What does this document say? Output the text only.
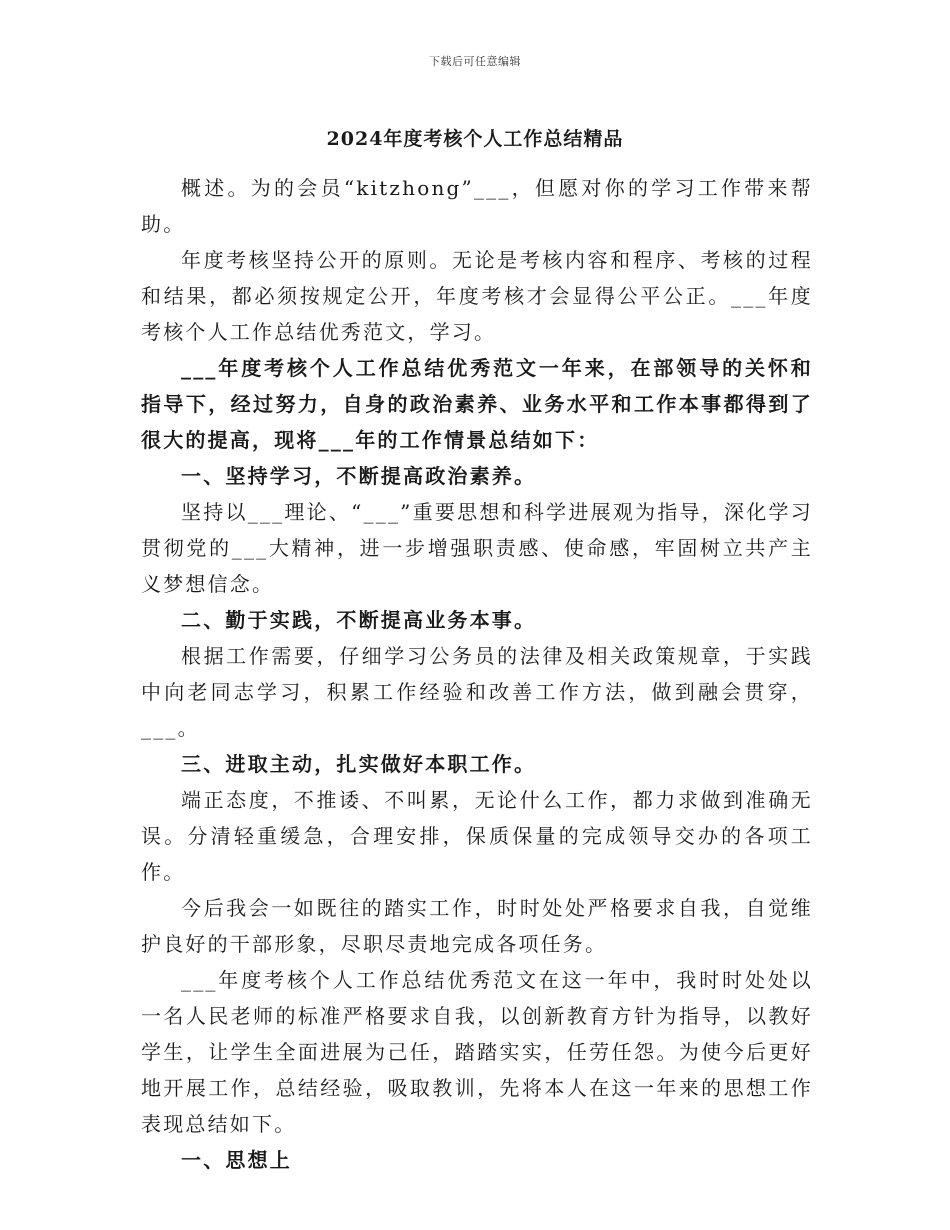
下载后可任意编辑
2024年度考核个人工作总结精品

概述。为的会员“kitzhong”___，但愿对你的学习工作带来帮助。

年度考核坚持公开的原则。无论是考核内容和程序、考核的过程和结果，都必须按规定公开，年度考核才会显得公平公正。___年度考核个人工作总结优秀范文，学习。

___年度考核个人工作总结优秀范文一年来，在部领导的关怀和指导下，经过努力，自身的政治素养、业务水平和工作本事都得到了很大的提高，现将___年的工作情景总结如下：

一、坚持学习，不断提高政治素养。

坚持以___理论、“___”重要思想和科学进展观为指导，深化学习贯彻党的___大精神，进一步增强职责感、使命感，牢固树立共产主义梦想信念。

二、勤于实践，不断提高业务本事。

根据工作需要，仔细学习公务员的法律及相关政策规章，于实践中向老同志学习，积累工作经验和改善工作方法，做到融会贯穿，___。

三、进取主动，扎实做好本职工作。

端正态度，不推诿、不叫累，无论什么工作，都力求做到准确无误。分清轻重缓急，合理安排，保质保量的完成领导交办的各项工作。

今后我会一如既往的踏实工作，时时处处严格要求自我，自觉维护良好的干部形象，尽职尽责地完成各项任务。

___年度考核个人工作总结优秀范文在这一年中，我时时处处以一名人民老师的标准严格要求自我，以创新教育方针为指导，以教好学生，让学生全面进展为己任，踏踏实实，任劳任怨。为使今后更好地开展工作，总结经验，吸取教训，先将本人在这一年来的思想工作表现总结如下。

一、思想上
